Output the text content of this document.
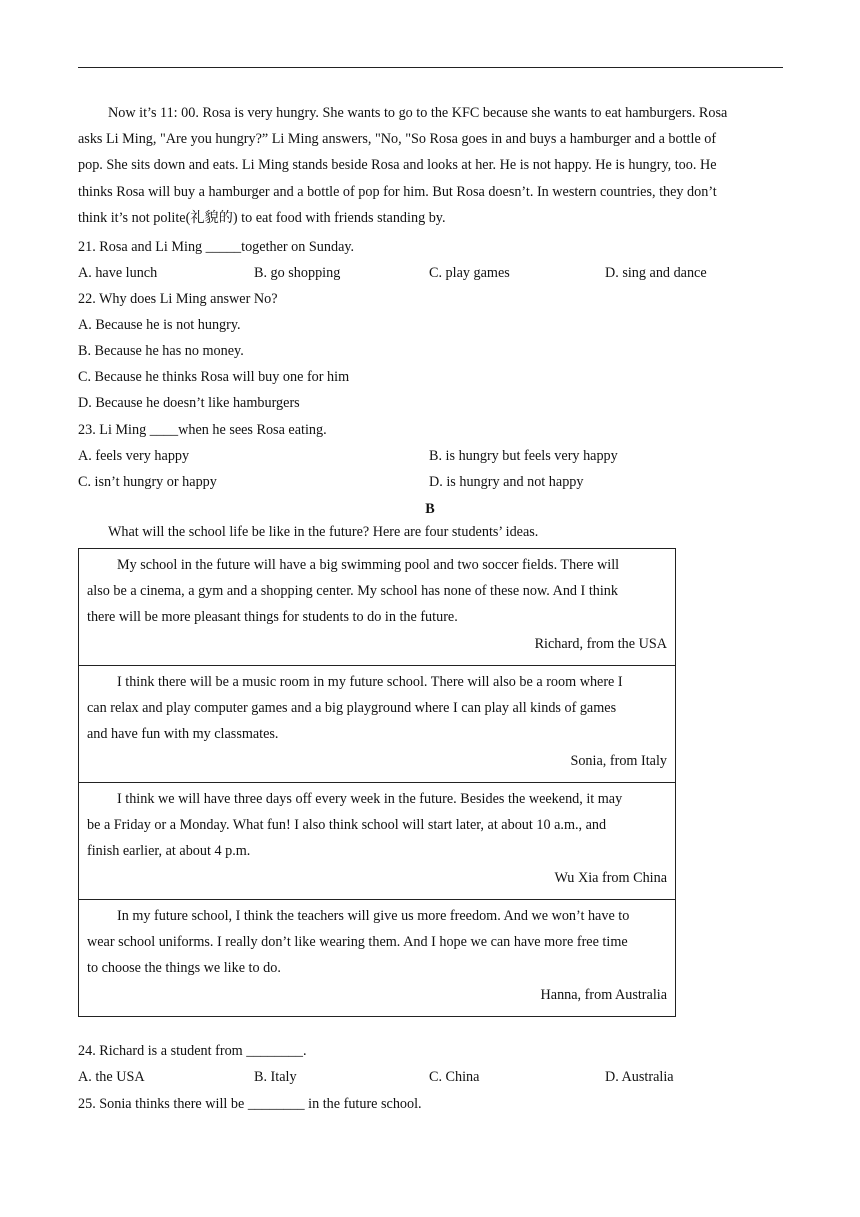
Now it’s 11: 00. Rosa is very hungry. She wants to go to the KFC because she wants to eat hamburgers. Rosa
asks Li Ming, "Are you hungry?” Li Ming answers, "No, "So Rosa goes in and buys a hamburger and a bottle of
pop. She sits down and eats. Li Ming stands beside Rosa and looks at her. He is not happy. He is hungry, too. He
thinks Rosa will buy a hamburger and a bottle of pop for him. But Rosa doesn’t. In western countries, they don’t
think it’s not polite(礼貌的) to eat food with friends standing by.
21. Rosa and Li Ming _____together on Sunday.
A. have lunch	B. go shopping	C. play games	D. sing and dance
22. Why does Li Ming answer No?
A. Because he is not hungry.
B. Because he has no money.
C. Because he thinks Rosa will buy one for him
D. Because he doesn’t like hamburgers
23. Li Ming ____when he sees Rosa eating.
A. feels very happy	B. is hungry but feels very happy
C. isn’t hungry or happy	D. is hungry and not happy
B
What will the school life be like in the future? Here are four students’ ideas.
My school in the future will have a big swimming pool and two soccer fields. There will
also be a cinema, a gym and a shopping center. My school has none of these now. And I think
there will be more pleasant things for students to do in the future.
Richard, from the USA
I think there will be a music room in my future school. There will also be a room where I
can relax and play computer games and a big playground where I can play all kinds of games
and have fun with my classmates.
Sonia, from Italy
I think we will have three days off every week in the future. Besides the weekend, it may
be a Friday or a Monday. What fun! I also think school will start later, at about 10 a.m., and
finish earlier, at about 4 p.m.
Wu Xia from China
In my future school, I think the teachers will give us more freedom. And we won’t have to
wear school uniforms. I really don’t like wearing them. And I hope we can have more free time
to choose the things we like to do.
Hanna, from Australia
24. Richard is a student from ________.
A. the USA	B. Italy	C. China	D. Australia
25. Sonia thinks there will be ________ in the future school.
